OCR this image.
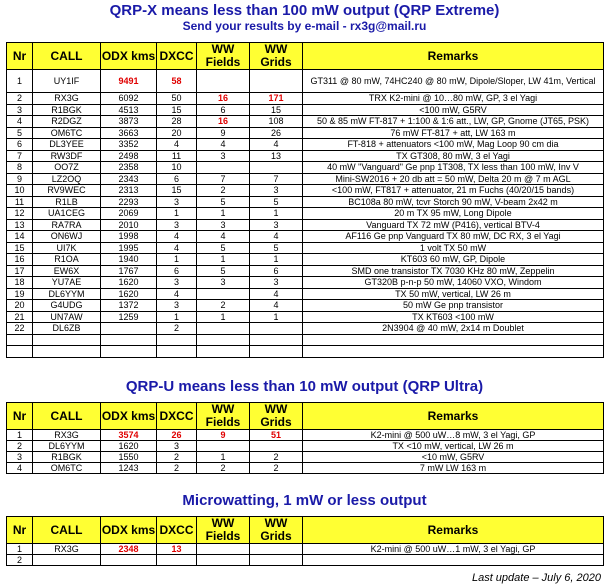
QRP-X means less than 100 mW output (QRP Extreme)
Send your results by e-mail - rx3g@mail.ru
Nr	CALL	ODX kms	DXCC	WW Fields	WW Grids	Remarks
1	UY1IF	9491	58			GT311 @ 80 mW, 74HC240 @ 80 mW, Dipole/Sloper, LW 41m, Vertical
2	RX3G	6092	50	16	171	TRX K2-mini @ 10…80 mW, GP, 3 el Yagi
3	R1BGK	4513	15	6	15	<100 mW, G5RV
4	R2DGZ	3873	28	16	108	50 & 85 mW FT-817 + 1:100 & 1:6 att., LW, GP, Gnome (JT65, PSK)
5	OM6TC	3663	20	9	26	76 mW FT-817 + att, LW 163 m
6	DL3YEE	3352	4	4	4	FT-818 + attenuators <100 mW, Mag Loop 90 cm dia
7	RW3DF	2498	11	3	13	TX GT308, 80 mW, 3 el Yagi
8	OO7Z	2358	10			40 mW "Vanguard" Ge pnp 1T308, TX less than 100 mW, Inv V
9	LZ2OQ	2343	6	7	7	Mini-SW2016 + 20 db att = 50 mW, Delta 20 m @ 7 m AGL
10	RV9WEC	2313	15	2	3	<100 mW, FT817 + attenuator, 21 m Fuchs (40/20/15 bands)
11	R1LB	2293	3	5	5	BC108a 80 mW, tcvr Storch 90 mW, V-beam 2x42 m
12	UA1CEG	2069	1	1	1	20 m TX 95 mW, Long Dipole
13	RA7RA	2010	3	3	3	Vanguard TX 72 mW (P416), vertical BTV-4
14	ON6WJ	1998	4	4	4	AF116 Ge pnp Vanguard TX 80 mW, DC RX, 3 el Yagi
15	UI7K	1995	4	5	5	1 volt TX 50 mW
16	R1OA	1940	1	1	1	KT603 60 mW, GP, Dipole
17	EW6X	1767	6	5	6	SMD one transistor TX 7030 KHz 80 mW, Zeppelin
18	YU7AE	1620	3	3	3	GT320B p-n-p 50 mW, 14060 VXO, Windom
19	DL6YYM	1620	4		4	TX 50 mW, vertical, LW 26 m
20	G4UDG	1372	3	2	4	50 mW Ge pnp transistor
21	UN7AW	1259	1	1	1	TX KT603 <100 mW
22	DL6ZB		2			2N3904 @ 40 mW, 2x14 m Doublet

QRP-U means less than 10 mW output (QRP Ultra)
Nr	CALL	ODX kms	DXCC	WW Fields	WW Grids	Remarks
1	RX3G	3574	26	9	51	K2-mini @ 500 uW…8 mW, 3 el Yagi, GP
2	DL6YYM	1620	3			TX <10 mW, vertical, LW 26 m
3	R1BGK	1550	2	1	2	<10 mW, G5RV
4	OM6TC	1243	2	2	2	7 mW LW 163 m
Microwatting, 1 mW or less output
Nr	CALL	ODX kms	DXCC	WW Fields	WW Grids	Remarks
1	RX3G	2348	13			K2-mini @ 500 uW…1 mW, 3 el Yagi, GP
2						
Last update – July 6, 2020
